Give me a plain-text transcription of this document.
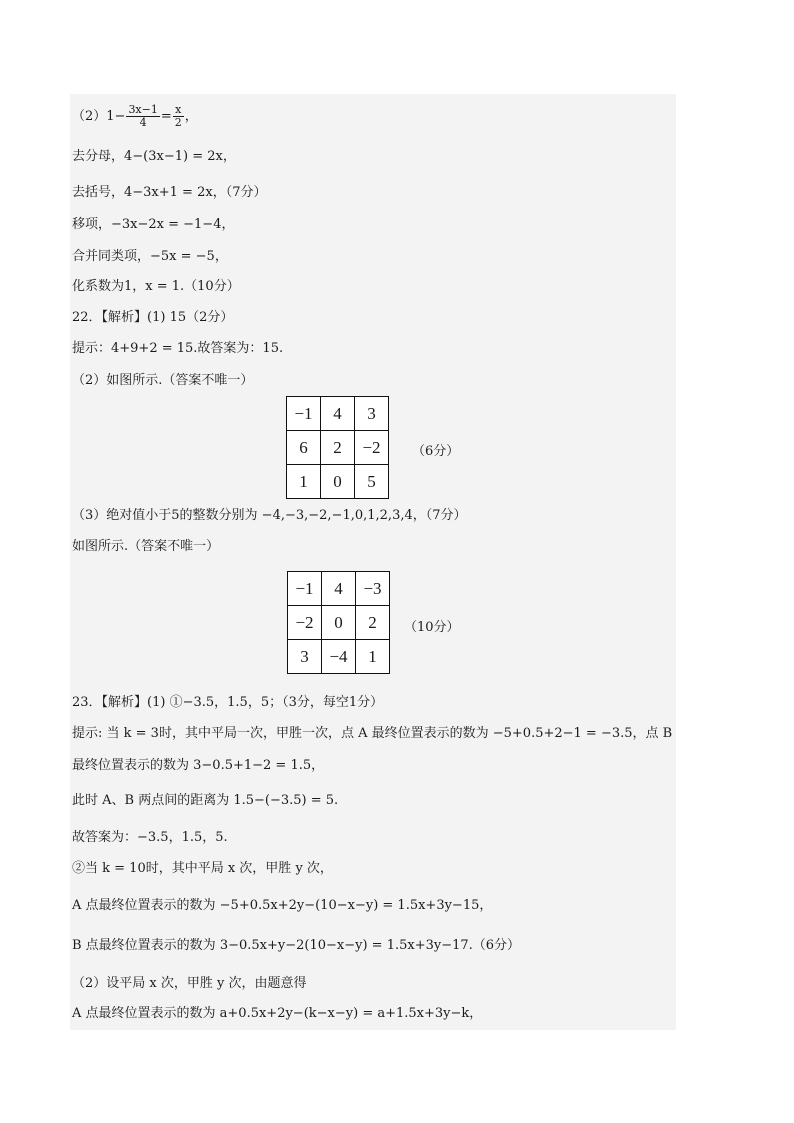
$(2)1- \frac{3x-1}{4} = \frac{x}{2}$ ，
去分母，4−(3x−1) = 2x，
去括号，4−3x+1 = 2x，（7分）
移项，−3x−2x = −1−4，
合并同类项，−5x = −5，
化系数为1，x = 1.（10分）
22．【解析】(1) 15（2分）
提示：4+9+2 = 15.故答案为：15.
（2）如图所示.（答案不唯一）
−1	4	3
6	2	−2
1	0	5
（6分）
（3）绝对值小于5的整数分别为 −4,−3,−2,−1,0,1,2,3,4，（7分）
如图所示.（答案不唯一）
−1	4	−3
−2	0	2
3	−4	1
（10分）
23．【解析】(1) ①−3.5，1.5，5；（3分，每空1分）
提示: 当 k = 3时，其中平局一次，甲胜一次，点 A 最终位置表示的数为 −5+0.5+2−1 = −3.5，点 B
最终位置表示的数为 3−0.5+1−2 = 1.5，
此时 A、B 两点间的距离为 1.5−(−3.5) = 5.
故答案为：−3.5，1.5，5.
②当 k = 10时，其中平局 x 次，甲胜 y 次，
A 点最终位置表示的数为 −5+0.5x+2y−(10−x−y) = 1.5x+3y−15，
B 点最终位置表示的数为 3−0.5x+y−2(10−x−y) = 1.5x+3y−17.（6分）
（2）设平局 x 次，甲胜 y 次，由题意得
A 点最终位置表示的数为 a+0.5x+2y−(k−x−y) = a+1.5x+3y−k，
